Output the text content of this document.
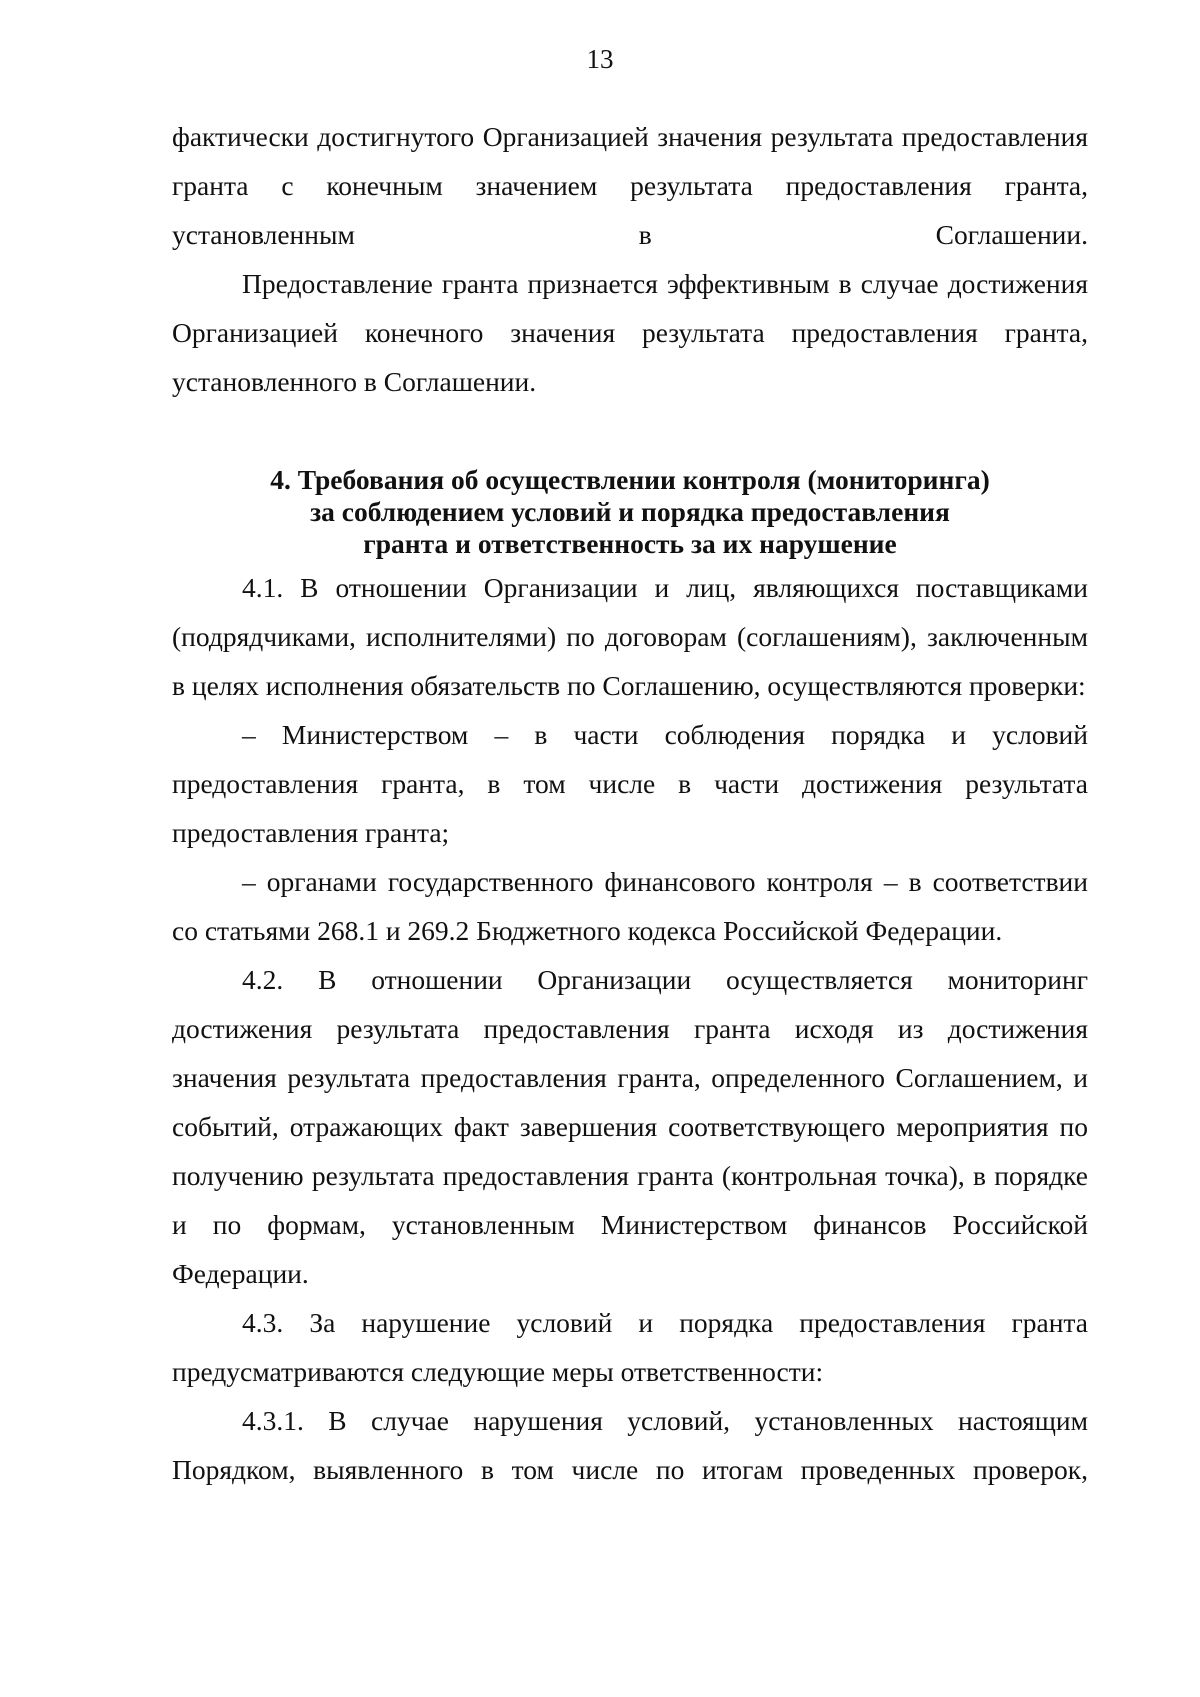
13

фактически достигнутого Организацией значения результата предоставления гранта с конечным значением результата предоставления гранта, установленным в Соглашении.

Предоставление гранта признается эффективным в случае достижения Организацией конечного значения результата предоставления гранта, установленного в Соглашении.

4. Требования об осуществлении контроля (мониторинга)
за соблюдением условий и порядка предоставления
гранта и ответственность за их нарушение

4.1. В отношении Организации и лиц, являющихся поставщиками (подрядчиками, исполнителями) по договорам (соглашениям), заключенным в целях исполнения обязательств по Соглашению, осуществляются проверки:

– Министерством – в части соблюдения порядка и условий предоставления гранта, в том числе в части достижения результата предоставления гранта;

– органами государственного финансового контроля – в соответствии со статьями 268.1 и 269.2 Бюджетного кодекса Российской Федерации.

4.2. В отношении Организации осуществляется мониторинг достижения результата предоставления гранта исходя из достижения значения результата предоставления гранта, определенного Соглашением, и событий, отражающих факт завершения соответствующего мероприятия по получению результата предоставления гранта (контрольная точка), в порядке и по формам, установленным Министерством финансов Российской Федерации.

4.3. За нарушение условий и порядка предоставления гранта предусматриваются следующие меры ответственности:

4.3.1. В случае нарушения условий, установленных настоящим Порядком, выявленного в том числе по итогам проведенных проверок,
